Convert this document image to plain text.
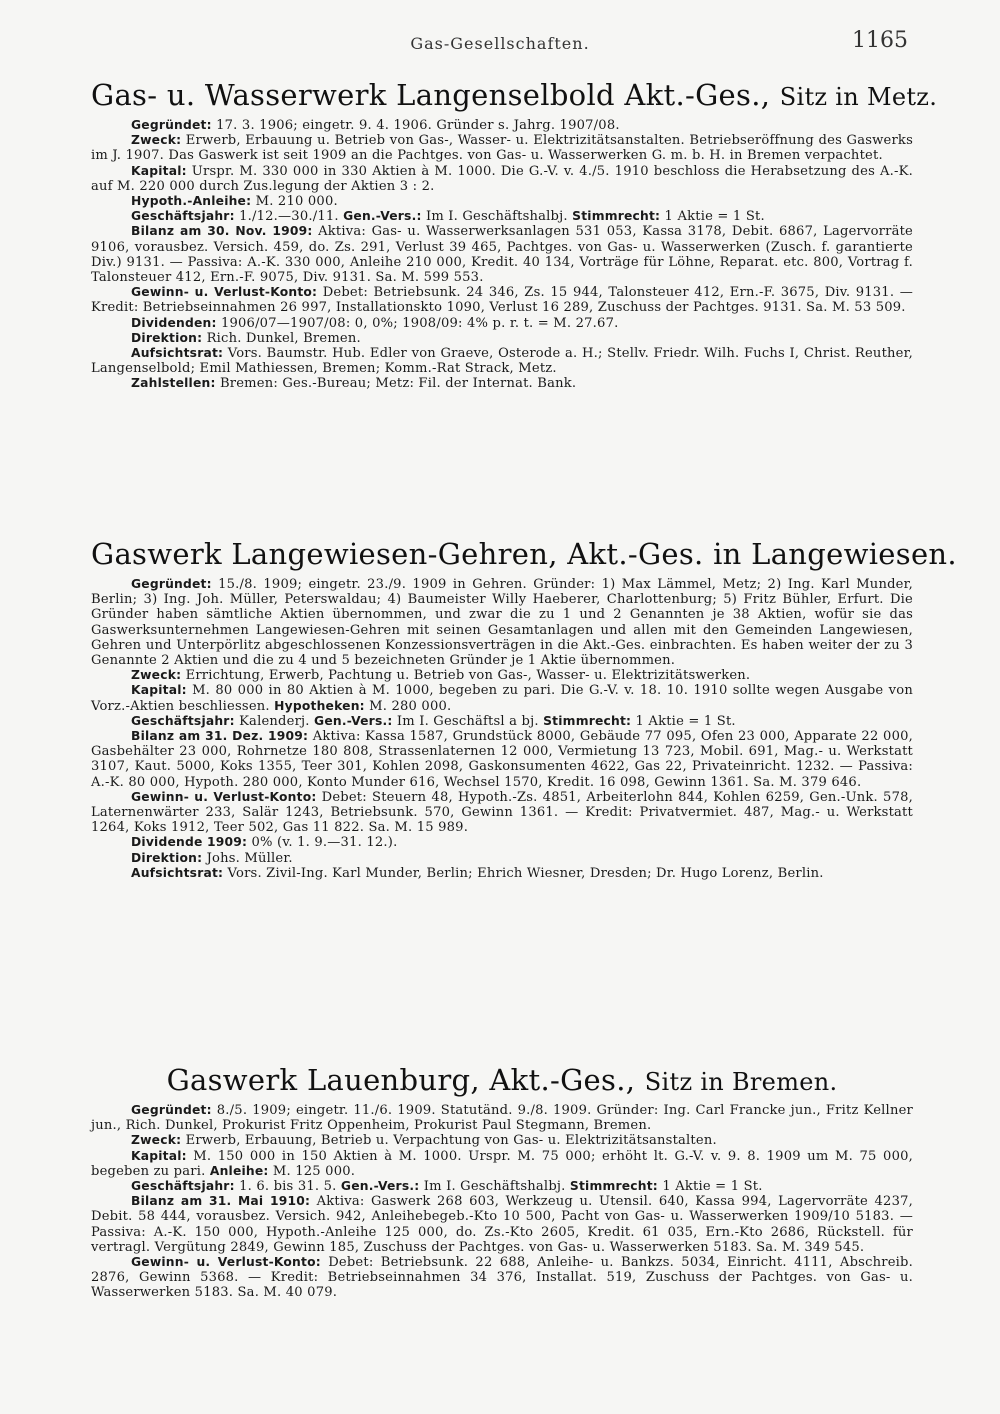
Gas-Gesellschaften.	1165
Gas- u. Wasserwerk Langenselbold Akt.-Ges., Sitz in Metz.

Gegründet: 17. 3. 1906; eingetr. 9. 4. 1906. Gründer s. Jahrg. 1907/08.

Zweck: Erwerb, Erbauung u. Betrieb von Gas-, Wasser- u. Elektrizitätsanstalten. Betriebseröffnung des Gaswerks im J. 1907. Das Gaswerk ist seit 1909 an die Pachtges. von Gas- u. Wasserwerken G. m. b. H. in Bremen verpachtet.

Kapital: Urspr. M. 330 000 in 330 Aktien à M. 1000. Die G.-V. v. 4./5. 1910 beschloss die Herabsetzung des A.-K. auf M. 220 000 durch Zus.legung der Aktien 3 : 2.

Hypoth.-Anleihe: M. 210 000.

Geschäftsjahr: 1./12.—30./11. Gen.-Vers.: Im I. Geschäftshalbj. Stimmrecht: 1 Aktie = 1 St.

Bilanz am 30. Nov. 1909: Aktiva: Gas- u. Wasserwerksanlagen 531 053, Kassa 3178, Debit. 6867, Lagervorräte 9106, vorausbez. Versich. 459, do. Zs. 291, Verlust 39 465, Pachtges. von Gas- u. Wasserwerken (Zusch. f. garantierte Div.) 9131. — Passiva: A.-K. 330 000, Anleihe 210 000, Kredit. 40 134, Vorträge für Löhne, Reparat. etc. 800, Vortrag f. Talonsteuer 412, Ern.-F. 9075, Div. 9131. Sa. M. 599 553.

Gewinn- u. Verlust-Konto: Debet: Betriebsunk. 24 346, Zs. 15 944, Talonsteuer 412, Ern.-F. 3675, Div. 9131. — Kredit: Betriebseinnahmen 26 997, Installationskto 1090, Verlust 16 289, Zuschuss der Pachtges. 9131. Sa. M. 53 509.

Dividenden: 1906/07—1907/08: 0, 0%; 1908/09: 4% p. r. t. = M. 27.67.

Direktion: Rich. Dunkel, Bremen.

Aufsichtsrat: Vors. Baumstr. Hub. Edler von Graeve, Osterode a. H.; Stellv. Friedr. Wilh. Fuchs I, Christ. Reuther, Langenselbold; Emil Mathiessen, Bremen; Komm.-Rat Strack, Metz.

Zahlstellen: Bremen: Ges.-Bureau; Metz: Fil. der Internat. Bank.

Gaswerk Langewiesen-Gehren, Akt.-Ges. in Langewiesen.

Gegründet: 15./8. 1909; eingetr. 23./9. 1909 in Gehren. Gründer: 1) Max Lämmel, Metz; 2) Ing. Karl Munder, Berlin; 3) Ing. Joh. Müller, Peterswaldau; 4) Baumeister Willy Haeberer, Charlottenburg; 5) Fritz Bühler, Erfurt. Die Gründer haben sämtliche Aktien übernommen, und zwar die zu 1 und 2 Genannten je 38 Aktien, wofür sie das Gaswerksunternehmen Langewiesen-Gehren mit seinen Gesamtanlagen und allen mit den Gemeinden Langewiesen, Gehren und Unterpörlitz abgeschlossenen Konzessionsverträgen in die Akt.-Ges. einbrachten. Es haben weiter der zu 3 Genannte 2 Aktien und die zu 4 und 5 bezeichneten Gründer je 1 Aktie übernommen.

Zweck: Errichtung, Erwerb, Pachtung u. Betrieb von Gas-, Wasser- u. Elektrizitätswerken.

Kapital: M. 80 000 in 80 Aktien à M. 1000, begeben zu pari. Die G.-V. v. 18. 10. 1910 sollte wegen Ausgabe von Vorz.-Aktien beschliessen. Hypotheken: M. 280 000.

Geschäftsjahr: Kalenderj. Gen.-Vers.: Im I. Geschäftsl a bj. Stimmrecht: 1 Aktie = 1 St.

Bilanz am 31. Dez. 1909: Aktiva: Kassa 1587, Grundstück 8000, Gebäude 77 095, Ofen 23 000, Apparate 22 000, Gasbehälter 23 000, Rohrnetze 180 808, Strassenlaternen 12 000, Vermietung 13 723, Mobil. 691, Mag.- u. Werkstatt 3107, Kaut. 5000, Koks 1355, Teer 301, Kohlen 2098, Gaskonsumenten 4622, Gas 22, Privateinricht. 1232. — Passiva: A.-K. 80 000, Hypoth. 280 000, Konto Munder 616, Wechsel 1570, Kredit. 16 098, Gewinn 1361. Sa. M. 379 646.

Gewinn- u. Verlust-Konto: Debet: Steuern 48, Hypoth.-Zs. 4851, Arbeiterlohn 844, Kohlen 6259, Gen.-Unk. 578, Laternenwärter 233, Salär 1243, Betriebsunk. 570, Gewinn 1361. — Kredit: Privatvermiet. 487, Mag.- u. Werkstatt 1264, Koks 1912, Teer 502, Gas 11 822. Sa. M. 15 989.

Dividende 1909: 0% (v. 1. 9.—31. 12.).

Direktion: Johs. Müller.

Aufsichtsrat: Vors. Zivil-Ing. Karl Munder, Berlin; Ehrich Wiesner, Dresden; Dr. Hugo Lorenz, Berlin.

Gaswerk Lauenburg, Akt.-Ges., Sitz in Bremen.

Gegründet: 8./5. 1909; eingetr. 11./6. 1909. Statutänd. 9./8. 1909. Gründer: Ing. Carl Francke jun., Fritz Kellner jun., Rich. Dunkel, Prokurist Fritz Oppenheim, Prokurist Paul Stegmann, Bremen.

Zweck: Erwerb, Erbauung, Betrieb u. Verpachtung von Gas- u. Elektrizitätsanstalten.

Kapital: M. 150 000 in 150 Aktien à M. 1000. Urspr. M. 75 000; erhöht lt. G.-V. v. 9. 8. 1909 um M. 75 000, begeben zu pari. Anleihe: M. 125 000.

Geschäftsjahr: 1. 6. bis 31. 5. Gen.-Vers.: Im I. Geschäftshalbj. Stimmrecht: 1 Aktie = 1 St.

Bilanz am 31. Mai 1910: Aktiva: Gaswerk 268 603, Werkzeug u. Utensil. 640, Kassa 994, Lagervorräte 4237, Debit. 58 444, vorausbez. Versich. 942, Anleihebegeb.-Kto 10 500, Pacht von Gas- u. Wasserwerken 1909/10 5183. — Passiva: A.-K. 150 000, Hypoth.-Anleihe 125 000, do. Zs.-Kto 2605, Kredit. 61 035, Ern.-Kto 2686, Rückstell. für vertragl. Vergütung 2849, Gewinn 185, Zuschuss der Pachtges. von Gas- u. Wasserwerken 5183. Sa. M. 349 545.

Gewinn- u. Verlust-Konto: Debet: Betriebsunk. 22 688, Anleihe- u. Bankzs. 5034, Einricht. 4111, Abschreib. 2876, Gewinn 5368. — Kredit: Betriebseinnahmen 34 376, Installat. 519, Zuschuss der Pachtges. von Gas- u. Wasserwerken 5183. Sa. M. 40 079.
